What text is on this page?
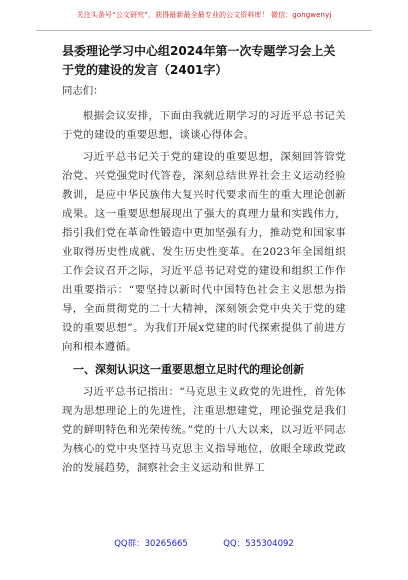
关注头条号“公文研究”，获得最新最全最专业的公文资料库！ 微信：gongwenyj
县委理论学习中心组2024年第一次专题学习会上关于党的建设的发言（2401字）
同志们：

根据会议安排，下面由我就近期学习的习近平总书记关于党的建设的重要思想，谈谈心得体会。

习近平总书记关于党的建设的重要思想，深刻回答管党治党、兴党强党时代答卷，深刻总结世界社会主义运动经验教训，是应中华民族伟大复兴时代要求而生的重大理论创新成果。这一重要思想展现出了强大的真理力量和实践伟力，指引我们党在革命性锻造中更加坚强有力，推动党和国家事业取得历史性成就、发生历史性变革。在2023年全国组织工作会议召开之际，习近平总书记对党的建设和组织工作作出重要指示：“要坚持以新时代中国特色社会主义思想为指导，全面贯彻党的二十大精神，深刻领会党中央关于党的建设的重要思想”。为我们开展x党建的时代探索提供了前进方向和根本遵循。

一、深刻认识这一重要思想立足时代的理论创新

习近平总书记指出：“马克思主义政党的先进性，首先体现为思想理论上的先进性，注重思想建党，理论强党是我们党的鲜明特色和光荣传统。”党的十八大以来，以习近平同志为核心的党中央坚持马克思主义指导地位，放眼全球政党政治的发展趋势，洞察社会主义运动和世界工

QQ群：30265665	QQ：535304092
